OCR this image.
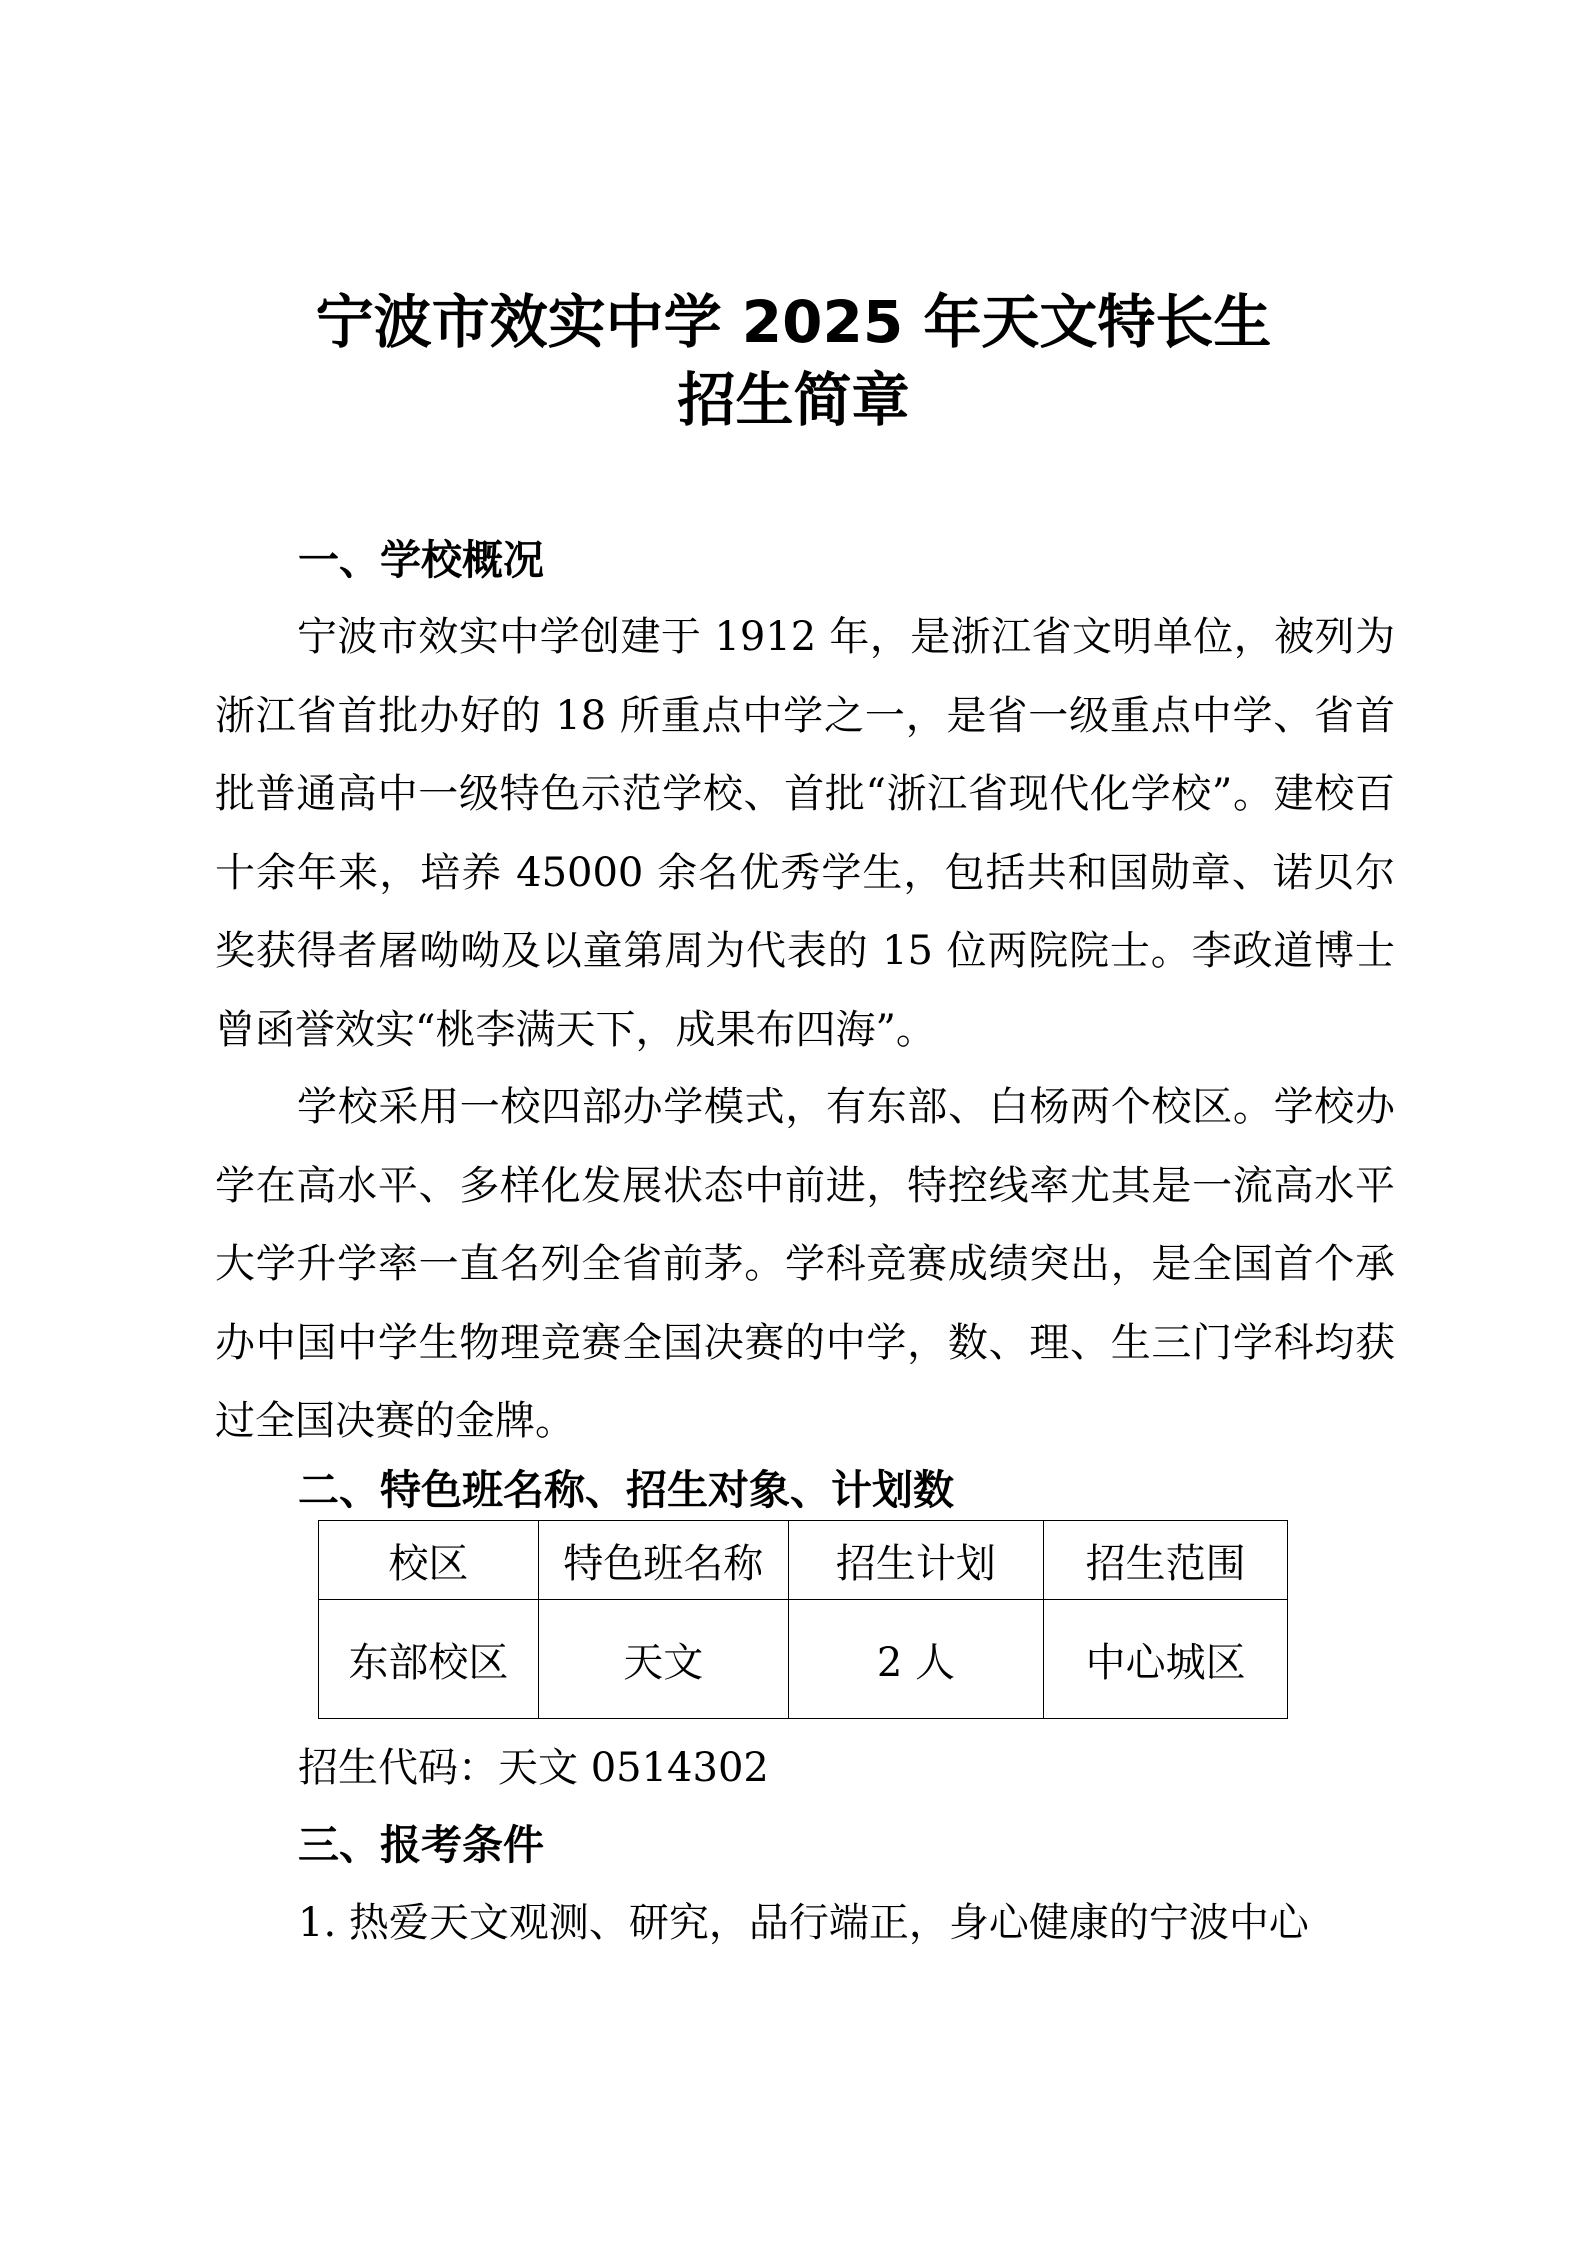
宁波市效实中学 2025 年天文特长生
招生简章
一、学校概况

宁波市效实中学创建于 1912 年，是浙江省文明单位，被列为浙江省首批办好的 18 所重点中学之一，是省一级重点中学、省首批普通高中一级特色示范学校、首批“浙江省现代化学校”。建校百十余年来，培养 45000 余名优秀学生，包括共和国勋章、诺贝尔奖获得者屠呦呦及以童第周为代表的 15 位两院院士。李政道博士曾函誉效实“桃李满天下，成果布四海”。

学校采用一校四部办学模式，有东部、白杨两个校区。学校办学在高水平、多样化发展状态中前进，特控线率尤其是一流高水平大学升学率一直名列全省前茅。学科竞赛成绩突出，是全国首个承办中国中学生物理竞赛全国决赛的中学，数、理、生三门学科均获过全国决赛的金牌。

二、特色班名称、招生对象、计划数
校区	特色班名称	招生计划	招生范围
东部校区	天文	2 人	中心城区
招生代码：天文 0514302
三、报考条件
1. 热爱天文观测、研究，品行端正，身心健康的宁波中心
